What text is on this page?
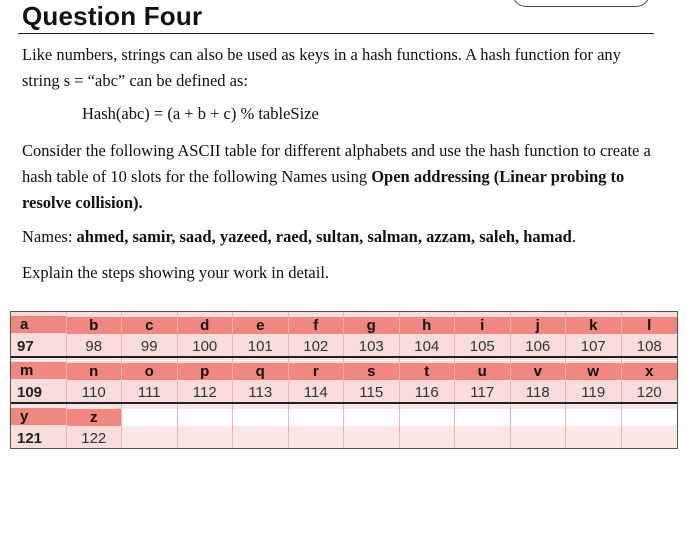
Question Four

Like numbers, strings can also be used as keys in a hash functions. A hash function for any string s = “abc” can be defined as:

Hash(abc) = (a + b + c) % tableSize

Consider the following ASCII table for different alphabets and use the hash function to create a hash table of 10 slots for the following Names using Open addressing (Linear probing to resolve collision).

Names: ahmed, samir, saad, yazeed, raed, sultan, salman, azzam, saleh, hamad.

Explain the steps showing your work in detail.

a
97
b
98
c
99
d
100
e
101
f
102
g
103
h
104
i
105
j
106
k
107
l
108
m
109
n
110
o
111
p
112
q
113
r
114
s
115
t
116
u
117
v
118
w
119
x
120
y
121
z
122
